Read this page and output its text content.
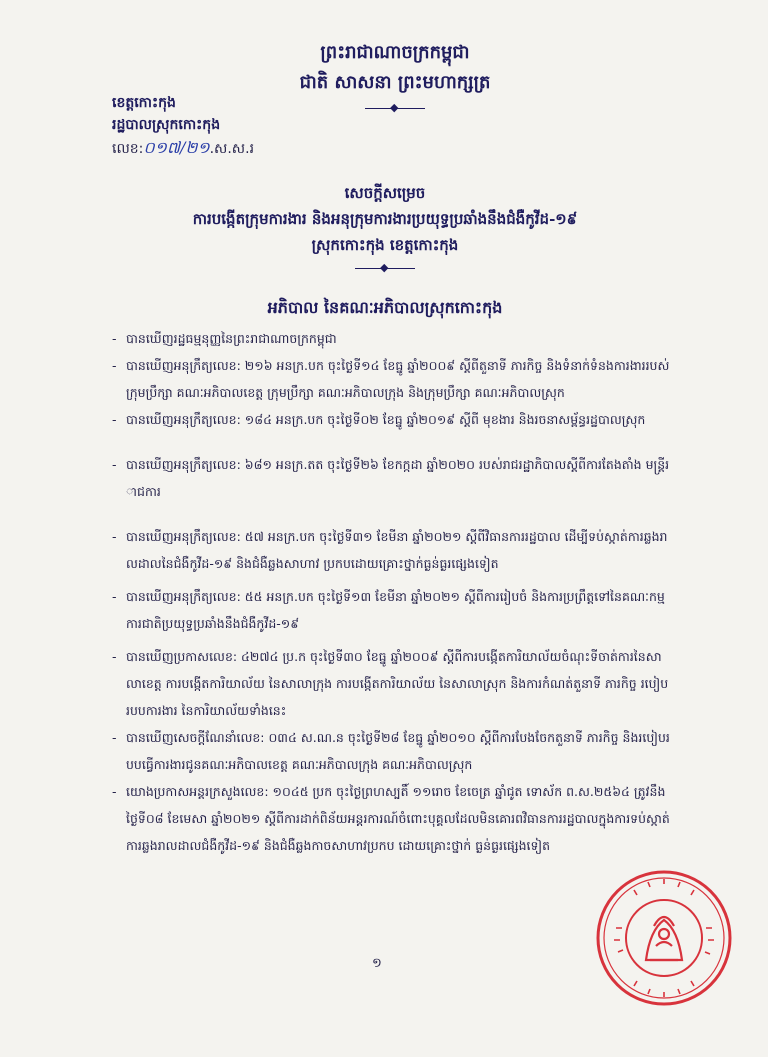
ព្រះរាជាណាចក្រកម្ពុជា
ជាតិ សាសនា ព្រះមហាក្សត្រ
◆
ខេត្តកោះកុង
រដ្ឋបាលស្រុកកោះកុង
លេខ:០១៧/២១.ស.ស.រ
សេចក្តីសម្រេច
ការបង្កើតក្រុមការងារ និងអនុក្រុមការងារប្រយុទ្ធប្រឆាំងនឹងជំងឺកូវីដ-១៩
ស្រុកកោះកុង ខេត្តកោះកុង
◆
អភិបាល នៃគណៈអភិបាលស្រុកកោះកុង
- បានឃើញរដ្ឋធម្មនុញ្ញនៃព្រះរាជាណាចក្រកម្ពុជា
- បានឃើញអនុក្រឹត្យលេខ: ២១៦ អនក្រ.បក ចុះថ្ងៃទី១៤ ខែធ្នូ ឆ្នាំ២០០៩ ស្តីពីតួនាទី ភារកិច្ច និងទំនាក់ទំនងការងាររបស់ក្រុមប្រឹក្សា គណៈអភិបាលខេត្ត ក្រុមប្រឹក្សា គណៈអភិបាលក្រុង និងក្រុមប្រឹក្សា គណៈអភិបាលស្រុក
- បានឃើញអនុក្រឹត្យលេខ: ១៨៤ អនក្រ.បក ចុះថ្ងៃទី០២ ខែធ្នូ ឆ្នាំ២០១៩ ស្តីពី មុខងារ និងរចនាសម្ព័ន្ធរដ្ឋបាលស្រុក
- បានឃើញអនុក្រឹត្យលេខ: ៦៨១ អនក្រ.តត ចុះថ្ងៃទី២៦ ខែកក្កដា ឆ្នាំ២០២០ របស់រាជរដ្ឋាភិបាលស្តីពីការតែងតាំង មន្ត្រីរាជការ
- បានឃើញអនុក្រឹត្យលេខ: ៥៧ អនក្រ.បក ចុះថ្ងៃទី៣១ ខែមីនា ឆ្នាំ២០២១ ស្តីពីវិធានការរដ្ឋបាល ដើម្បីទប់ស្កាត់ការឆ្លងរាលដាលនៃជំងឺកូវីដ-១៩ និងជំងឺឆ្លងសាហាវ ប្រកបដោយគ្រោះថ្នាក់ធ្ងន់ធ្ងរផ្សេងទៀត
- បានឃើញអនុក្រឹត្យលេខ: ៥៥ អនក្រ.បក ចុះថ្ងៃទី១៣ ខែមីនា ឆ្នាំ២០២១ ស្តីពីការរៀបចំ និងការប្រព្រឹត្តទៅនៃគណៈកម្មការជាតិប្រយុទ្ធប្រឆាំងនឹងជំងឺកូវីដ-១៩
- បានឃើញប្រកាសលេខ: ៤២៧៤ ប្រ.ក ចុះថ្ងៃទី៣០ ខែធ្នូ ឆ្នាំ២០០៩ ស្តីពីការបង្កើតការិយាល័យចំណុះទីចាត់ការនៃសាលាខេត្ត ការបង្កើតការិយាល័យ នៃសាលាក្រុង ការបង្កើតការិយាល័យ នៃសាលាស្រុក និងការកំណត់តួនាទី ភារកិច្ច របៀបរបបការងារ នៃការិយាល័យទាំងនេះ
- បានឃើញសេចក្តីណែនាំលេខ: ០៣៤ ស.ណ.ន ចុះថ្ងៃទី២៨ ខែធ្នូ ឆ្នាំ២០១០ ស្តីពីការបែងចែកតួនាទី ភារកិច្ច និងរបៀបរបបធ្វើការងារជូនគណៈអភិបាលខេត្ត គណៈអភិបាលក្រុង គណៈអភិបាលស្រុក
- យោងប្រកាសអន្តរក្រសួងលេខ: ១០៤៥ ប្រក ចុះថ្ងៃព្រហស្បតិ៍ ១១រោច ខែចេត្រ ឆ្នាំជូត ទោស័ក ព.ស.២៥៦៤ ត្រូវនឹងថ្ងៃទី០៨ ខែមេសា ឆ្នាំ២០២១ ស្តីពីការដាក់ពិន័យអន្តរការណ៍ចំពោះបុគ្គលដែលមិនគោរពវិធានការរដ្ឋបាលក្នុងការទប់ស្កាត់ការឆ្លងរាលដាលជំងឺកូវីដ-១៩ និងជំងឺឆ្លងកាចសាហាវប្រកប ដោយគ្រោះថ្នាក់ ធ្ងន់ធ្ងរផ្សេងទៀត
១
